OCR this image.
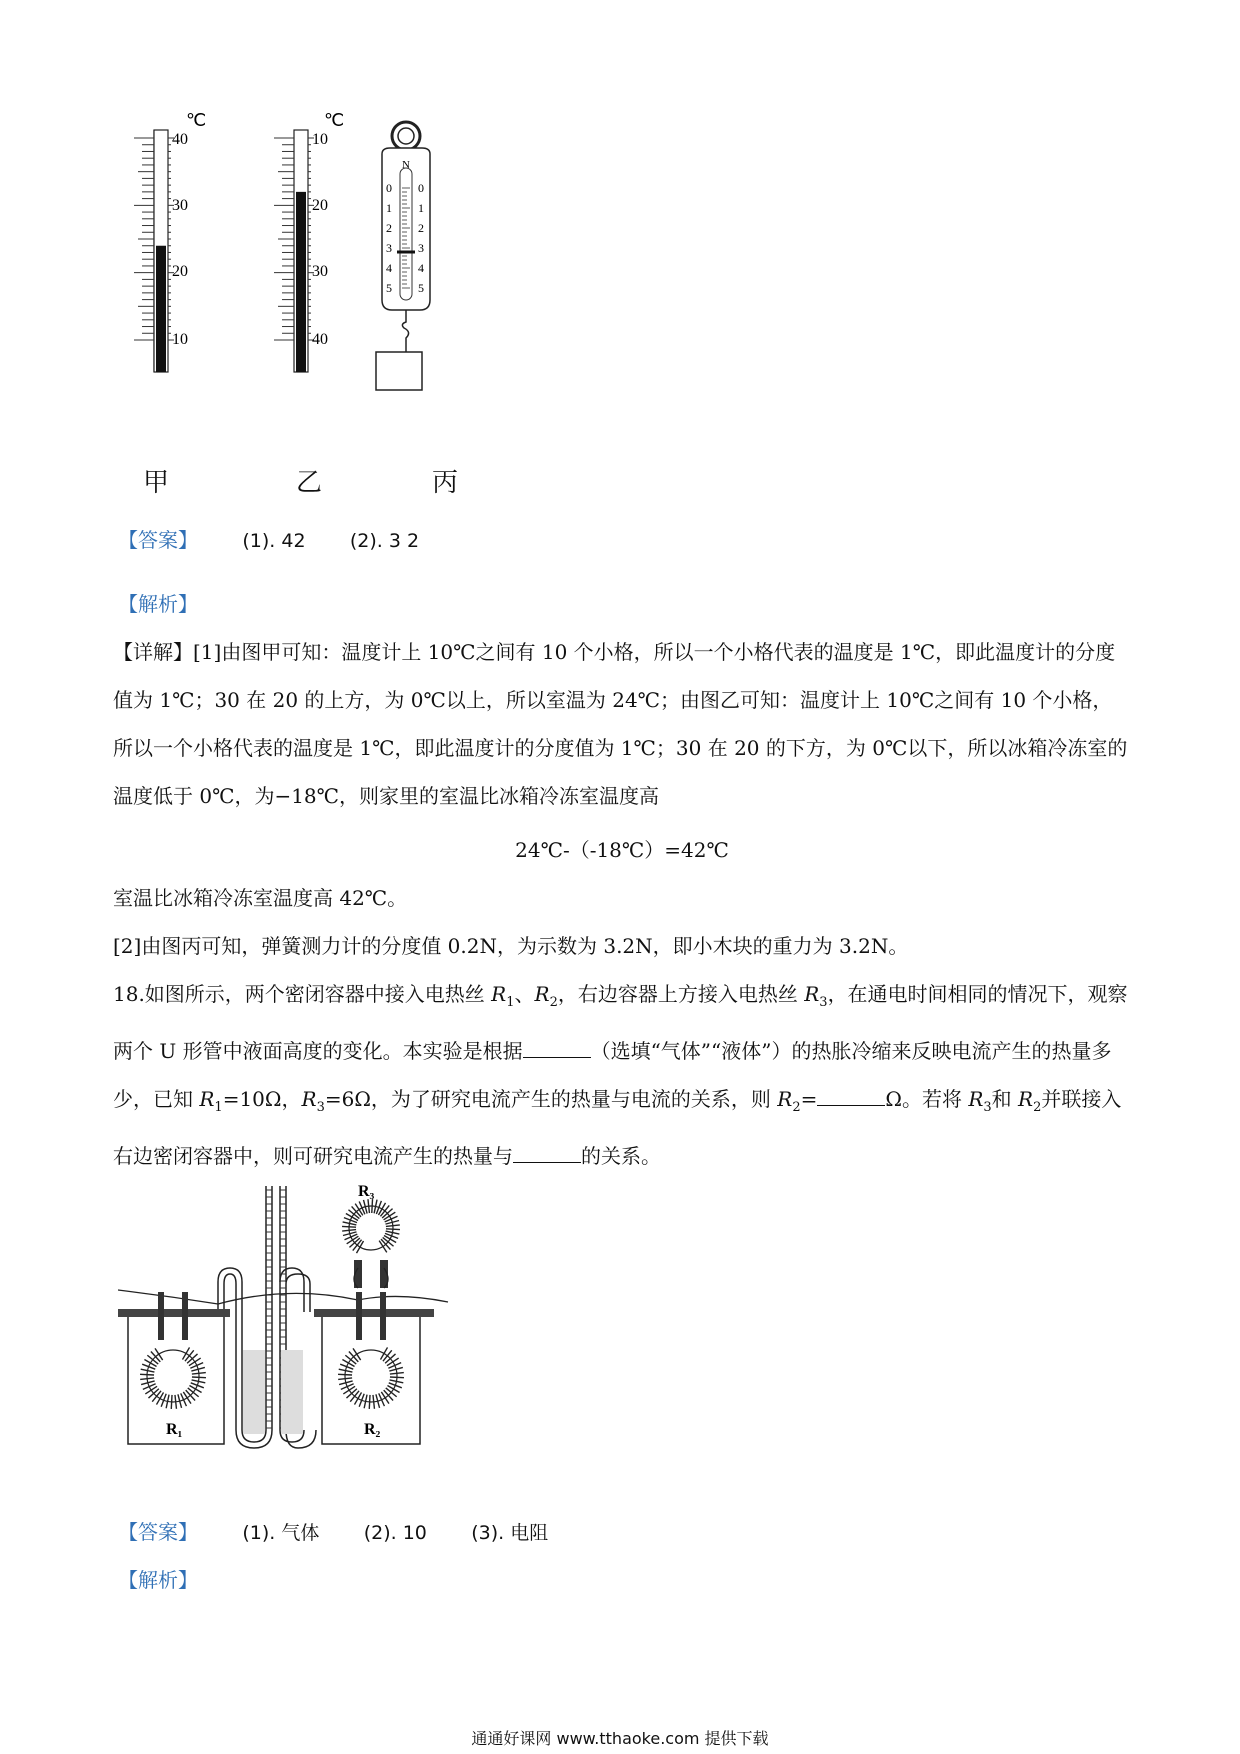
℃
40
30
20
10
℃
10
20
30
40
N
0
1
2
3
4
5
0
1
2
3
4
5
甲	乙	丙
【答案】 (1). 42 (2). 3 2
【解析】
【详解】[1]由图甲可知：温度计上 10℃之间有 10 个小格，所以一个小格代表的温度是 1℃，即此温度计的分度值为 1℃；30 在 20 的上方，为 0℃以上，所以室温为 24℃；由图乙可知：温度计上 10℃之间有 10 个小格，所以一个小格代表的温度是 1℃，即此温度计的分度值为 1℃；30 在 20 的下方，为 0℃以下，所以冰箱冷冻室的温度低于 0℃，为−18℃，则家里的室温比冰箱冷冻室温度高
24℃-（-18℃）=42℃
室温比冰箱冷冻室温度高 42℃。
[2]由图丙可知，弹簧测力计的分度值 0.2N，为示数为 3.2N，即小木块的重力为 3.2N。
18.如图所示，两个密闭容器中接入电热丝 $R_1$、$R_2$，右边容器上方接入电热丝 $R_3$，在通电时间相同的情况下，观察两个 U 形管中液面高度的变化。本实验是根据	（选填“气体”“液体”）的热胀冷缩来反映电流产生的热量多少，已知 $R_1=10\Omega$，$R_3=6\Omega$，为了研究电流产生的热量与电流的关系，则 $R_2=$	Ω。若将 $R_3$和 $R_2$并联接入右边密闭容器中，则可研究电流产生的热量与	的关系。
R₃
R₁	R₂
【答案】 (1). 气体 (2). 10 (3). 电阻
【解析】
通通好课网 www.tthaoke.com 提供下载
